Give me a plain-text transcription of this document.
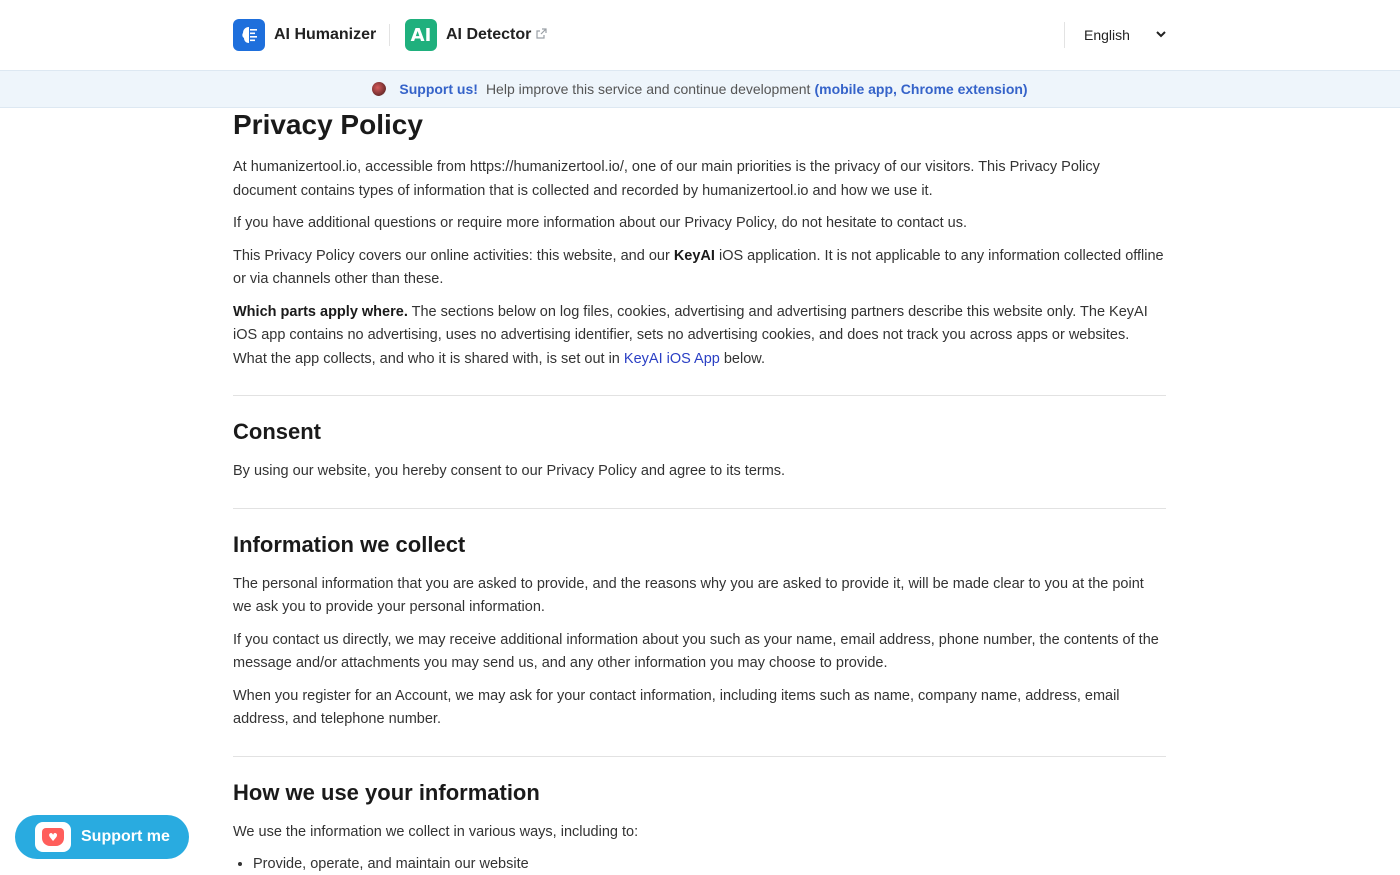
AI Humanizer	AI AI Detector	English
Support us! Help improve this service and continue development (mobile app, Chrome extension)
Privacy Policy

At humanizertool.io, accessible from https://humanizertool.io/, one of our main priorities is the privacy of our visitors. This Privacy Policy document contains types of information that is collected and recorded by humanizertool.io and how we use it.

If you have additional questions or require more information about our Privacy Policy, do not hesitate to contact us.

This Privacy Policy covers our online activities: this website, and our KeyAI iOS application. It is not applicable to any information collected offline or via channels other than these.

Which parts apply where. The sections below on log files, cookies, advertising and advertising partners describe this website only. The KeyAI iOS app contains no advertising, uses no advertising identifier, sets no advertising cookies, and does not track you across apps or websites. What the app collects, and who it is shared with, is set out in KeyAI iOS App below.

Consent

By using our website, you hereby consent to our Privacy Policy and agree to its terms.

Information we collect

The personal information that you are asked to provide, and the reasons why you are asked to provide it, will be made clear to you at the point we ask you to provide your personal information.

If you contact us directly, we may receive additional information about you such as your name, email address, phone number, the contents of the message and/or attachments you may send us, and any other information you may choose to provide.

When you register for an Account, we may ask for your contact information, including items such as name, company name, address, email address, and telephone number.

How we use your information

We use the information we collect in various ways, including to:

• Provide, operate, and maintain our website
♥	Support me
